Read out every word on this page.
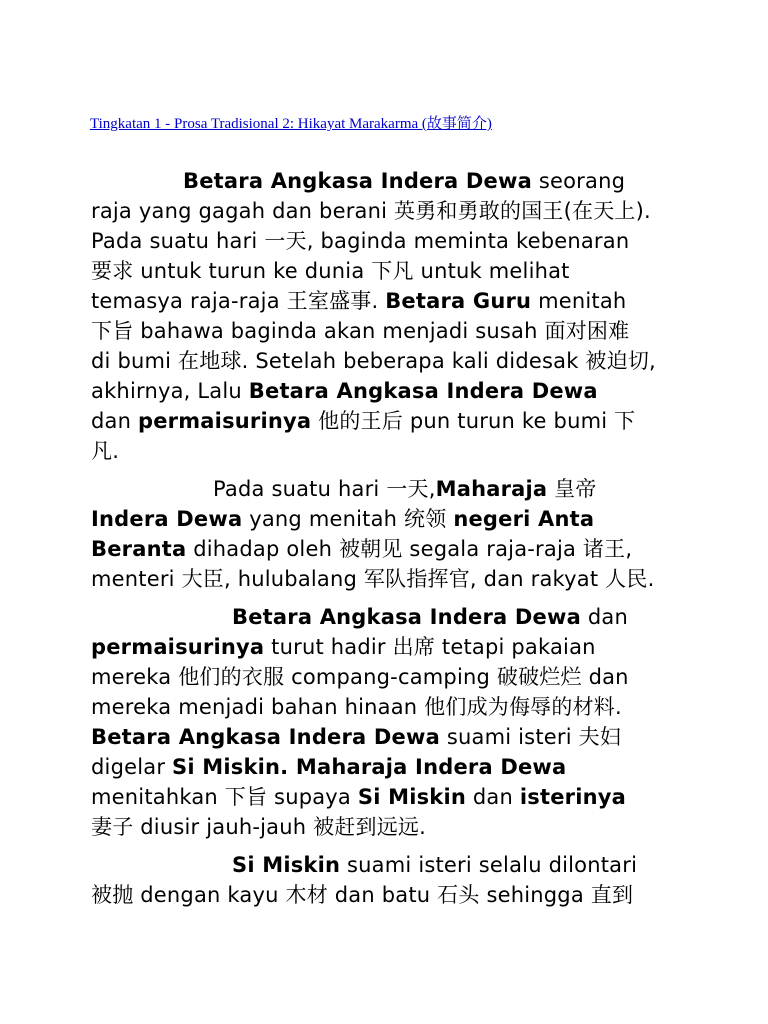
Tingkatan 1 - Prosa Tradisional 2: Hikayat Marakarma (故事简介)

Betara Angkasa Indera Dewa seorang
raja yang gagah dan berani 英勇和勇敢的国王(在天上).
Pada suatu hari 一天, baginda meminta kebenaran
要求 untuk turun ke dunia 下凡 untuk melihat
temasya raja-raja 王室盛事. Betara Guru menitah
下旨 bahawa baginda akan menjadi susah 面对困难
di bumi 在地球. Setelah beberapa kali didesak 被迫切,
akhirnya, Lalu Betara Angkasa Indera Dewa
dan permaisurinya 他的王后 pun turun ke bumi 下
凡.

Pada suatu hari 一天,Maharaja 皇帝
Indera Dewa yang menitah 统领 negeri Anta
Beranta dihadap oleh 被朝见 segala raja-raja 诸王,
menteri 大臣, hulubalang 军队指挥官, dan rakyat 人民.

Betara Angkasa Indera Dewa dan
permaisurinya turut hadir 出席 tetapi pakaian
mereka 他们的衣服 compang-camping 破破烂烂 dan
mereka menjadi bahan hinaan 他们成为侮辱的材料.
Betara Angkasa Indera Dewa suami isteri 夫妇
digelar Si Miskin. Maharaja Indera Dewa
menitahkan 下旨 supaya Si Miskin dan isterinya
妻子 diusir jauh-jauh 被赶到远远.

Si Miskin suami isteri selalu dilontari
被抛 dengan kayu 木材 dan batu 石头 sehingga 直到
